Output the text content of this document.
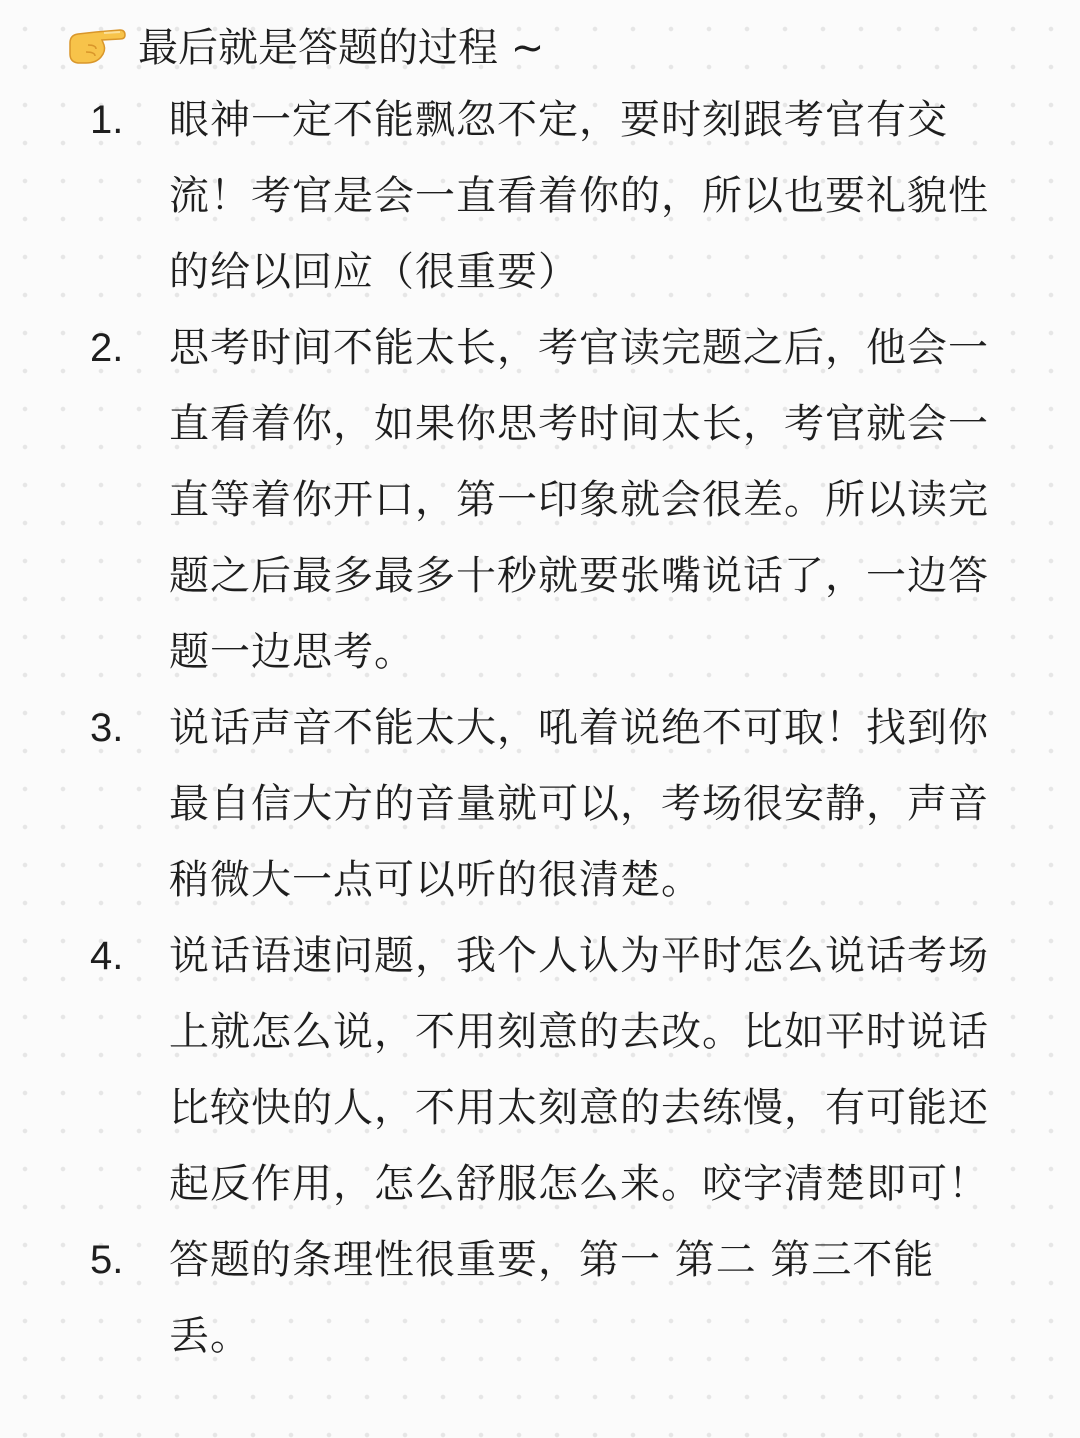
最后就是答题的过程 ~
1. 眼神一定不能飘忽不定，要时刻跟考官有交流！考官是会一直看着你的，所以也要礼貌性的给以回应（很重要）

2. 思考时间不能太长，考官读完题之后，他会一直看着你，如果你思考时间太长，考官就会一直等着你开口，第一印象就会很差。所以读完题之后最多最多十秒就要张嘴说话了，一边答题一边思考。

3. 说话声音不能太大，吼着说绝不可取！找到你最自信大方的音量就可以，考场很安静，声音稍微大一点可以听的很清楚。

4. 说话语速问题，我个人认为平时怎么说话考场上就怎么说，不用刻意的去改。比如平时说话比较快的人，不用太刻意的去练慢，有可能还起反作用，怎么舒服怎么来。咬字清楚即可！

5. 答题的条理性很重要，第一 第二 第三不能丢。
